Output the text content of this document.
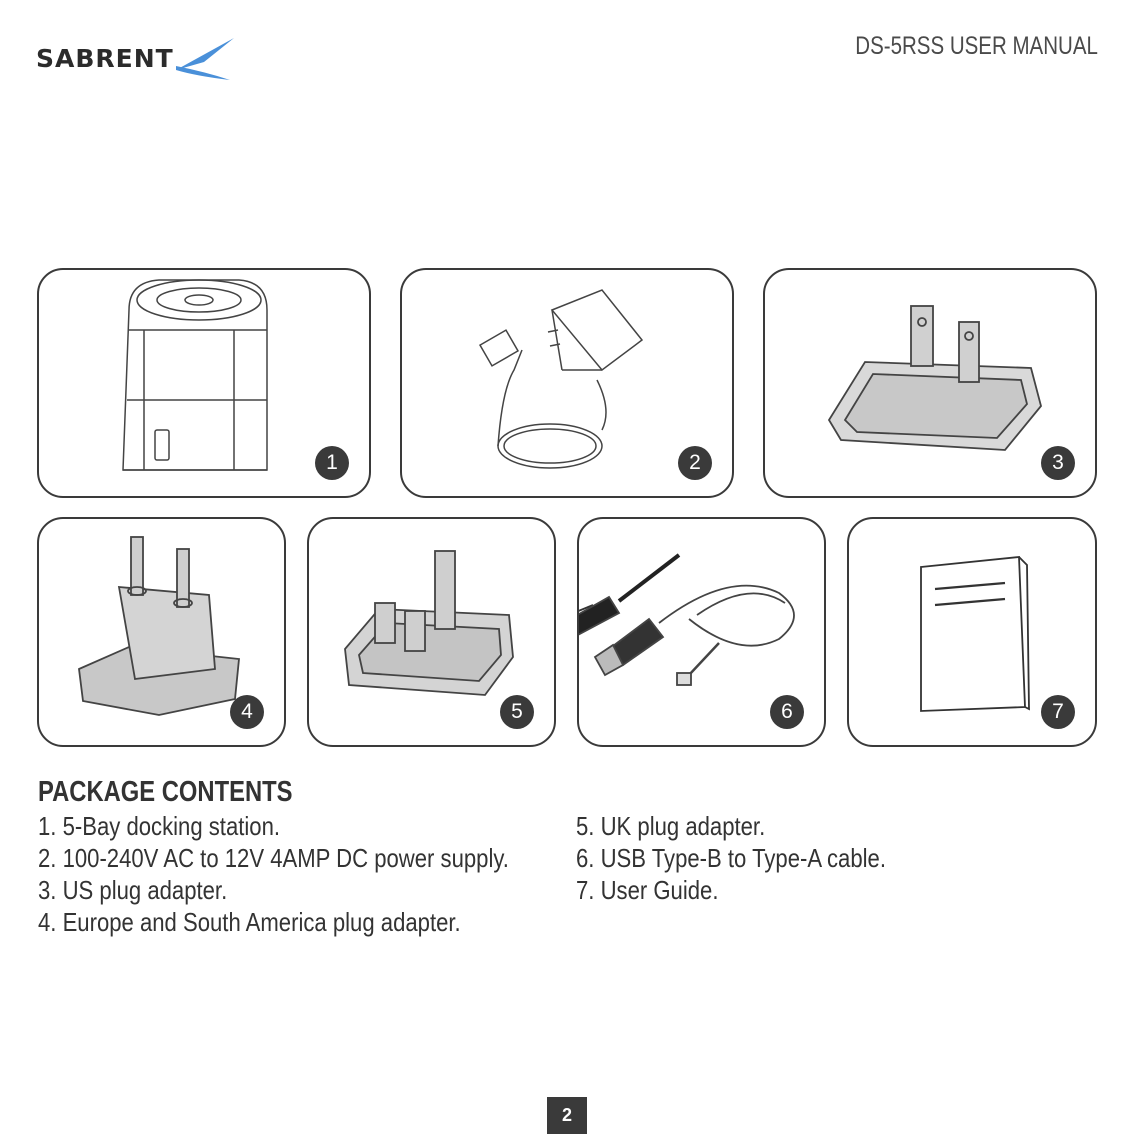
SABRENT	DS-5RSS USER MANUAL
1	2	3
4	5	6	7
PACKAGE CONTENTS
1. 5-Bay docking station.
2. 100-240V AC to 12V 4AMP DC power supply.
3. US plug adapter.
4. Europe and South America plug adapter.
5. UK plug adapter.
6. USB Type-B to Type-A cable.
7. User Guide.
2
